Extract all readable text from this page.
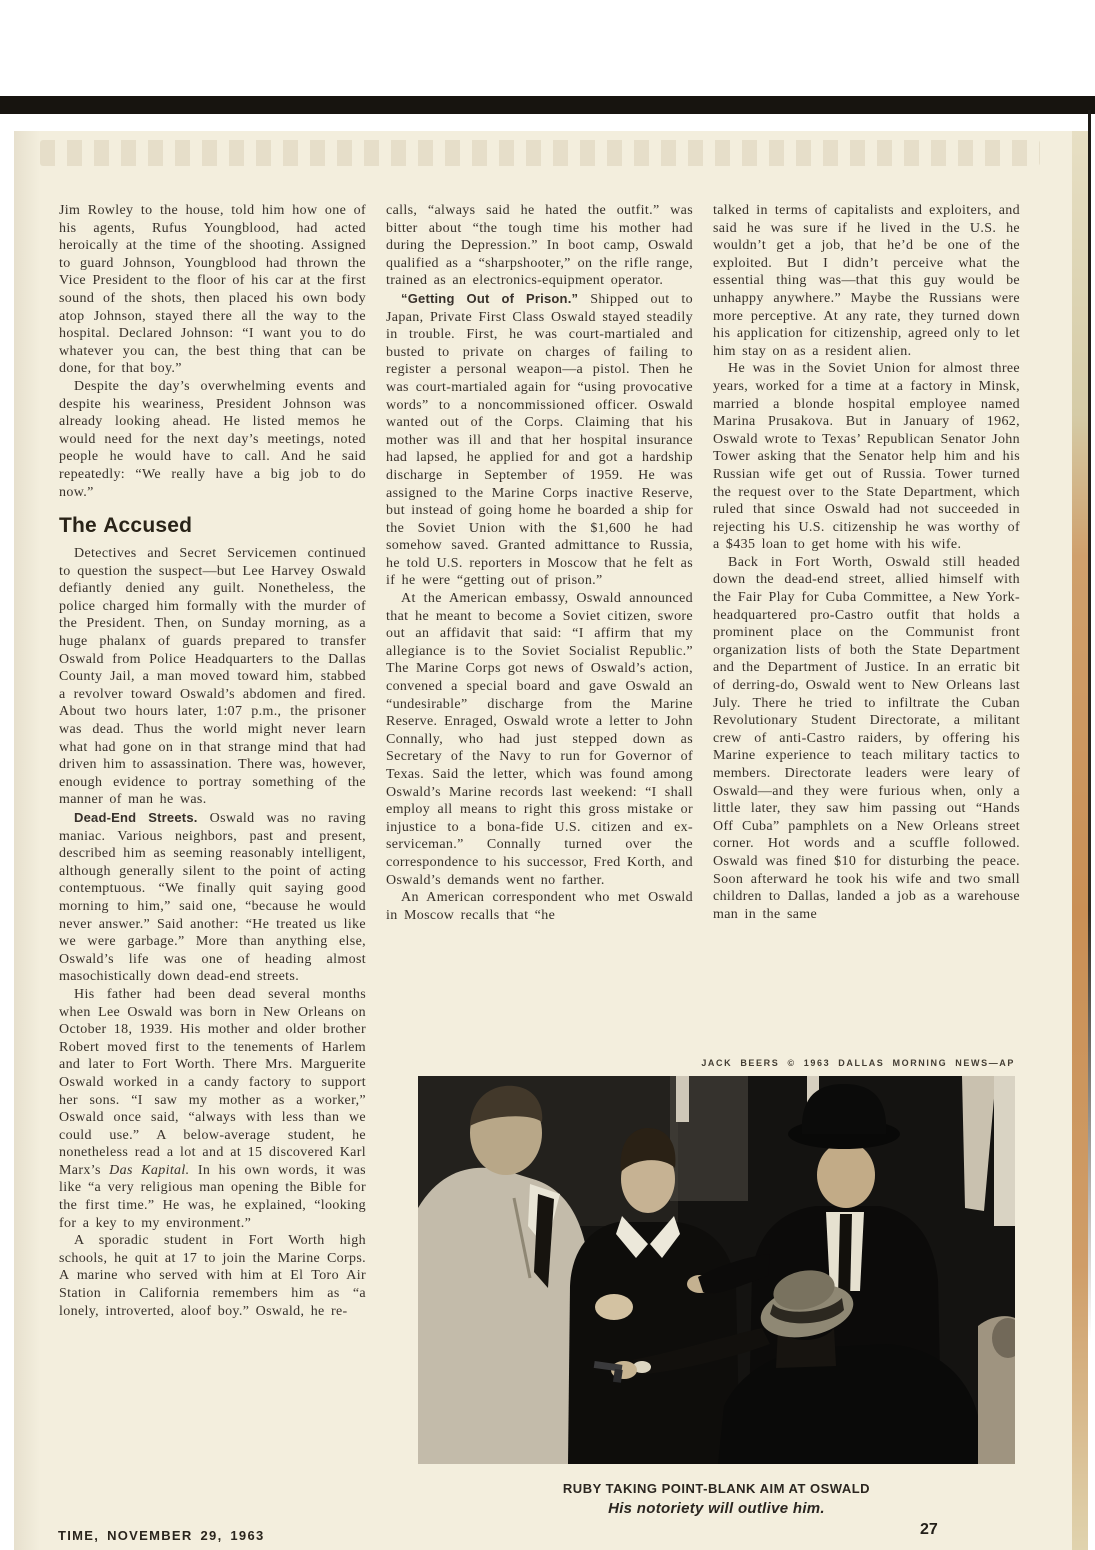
Jim Rowley to the house, told him how one of his agents, Rufus Youngblood, had acted heroically at the time of the shooting. Assigned to guard Johnson, Youngblood had thrown the Vice President to the floor of his car at the first sound of the shots, then placed his own body atop Johnson, stayed there all the way to the hospital. Declared Johnson: “I want you to do whatever you can, the best thing that can be done, for that boy.”

Despite the day’s overwhelming events and despite his weariness, President Johnson was already looking ahead. He listed memos he would need for the next day’s meetings, noted people he would have to call. And he said repeatedly: “We really have a big job to do now.”

The Accused

Detectives and Secret Servicemen continued to question the suspect—but Lee Harvey Oswald defiantly denied any guilt. Nonetheless, the police charged him formally with the murder of the President. Then, on Sunday morning, as a huge phalanx of guards prepared to transfer Oswald from Police Headquarters to the Dallas County Jail, a man moved toward him, stabbed a revolver toward Oswald’s abdomen and fired. About two hours later, 1:07 p.m., the prisoner was dead. Thus the world might never learn what had gone on in that strange mind that had driven him to assassination. There was, however, enough evidence to portray something of the manner of man he was.

Dead-End Streets. Oswald was no raving maniac. Various neighbors, past and present, described him as seeming reasonably intelligent, although generally silent to the point of acting contemptuous. “We finally quit saying good morning to him,” said one, “because he would never answer.” Said another: “He treated us like we were garbage.” More than anything else, Oswald’s life was one of heading almost masochistically down dead-end streets.

His father had been dead several months when Lee Oswald was born in New Orleans on October 18, 1939. His mother and older brother Robert moved first to the tenements of Harlem and later to Fort Worth. There Mrs. Marguerite Oswald worked in a candy factory to support her sons. “I saw my mother as a worker,” Oswald once said, “always with less than we could use.” A below-average student, he nonetheless read a lot and at 15 discovered Karl Marx’s Das Kapital. In his own words, it was like “a very religious man opening the Bible for the first time.” He was, he explained, “looking for a key to my environment.”

A sporadic student in Fort Worth high schools, he quit at 17 to join the Marine Corps. A marine who served with him at El Toro Air Station in California remembers him as “a lonely, introverted, aloof boy.” Oswald, he re-

calls, “always said he hated the outfit.” was bitter about “the tough time his mother had during the Depression.” In boot camp, Oswald qualified as a “sharpshooter,” on the rifle range, trained as an electronics-equipment operator.

“Getting Out of Prison.” Shipped out to Japan, Private First Class Oswald stayed steadily in trouble. First, he was court-martialed and busted to private on charges of failing to register a personal weapon—a pistol. Then he was court-martialed again for “using provocative words” to a noncommissioned officer. Oswald wanted out of the Corps. Claiming that his mother was ill and that her hospital insurance had lapsed, he applied for and got a hardship discharge in September of 1959. He was assigned to the Marine Corps inactive Reserve, but instead of going home he boarded a ship for the Soviet Union with the $1,600 he had somehow saved. Granted admittance to Russia, he told U.S. reporters in Moscow that he felt as if he were “getting out of prison.”

At the American embassy, Oswald announced that he meant to become a Soviet citizen, swore out an affidavit that said: “I affirm that my allegiance is to the Soviet Socialist Republic.” The Marine Corps got news of Oswald’s action, convened a special board and gave Oswald an “undesirable” discharge from the Marine Reserve. Enraged, Oswald wrote a letter to John Connally, who had just stepped down as Secretary of the Navy to run for Governor of Texas. Said the letter, which was found among Oswald’s Marine records last weekend: “I shall employ all means to right this gross mistake or injustice to a bona-fide U.S. citizen and ex-serviceman.” Connally turned over the correspondence to his successor, Fred Korth, and Oswald’s demands went no farther.

An American correspondent who met Oswald in Moscow recalls that “he

talked in terms of capitalists and exploiters, and said he was sure if he lived in the U.S. he wouldn’t get a job, that he’d be one of the exploited. But I didn’t perceive what the essential thing was—that this guy would be unhappy anywhere.” Maybe the Russians were more perceptive. At any rate, they turned down his application for citizenship, agreed only to let him stay on as a resident alien.

He was in the Soviet Union for almost three years, worked for a time at a factory in Minsk, married a blonde hospital employee named Marina Prusakova. But in January of 1962, Oswald wrote to Texas’ Republican Senator John Tower asking that the Senator help him and his Russian wife get out of Russia. Tower turned the request over to the State Department, which ruled that since Oswald had not succeeded in rejecting his U.S. citizenship he was worthy of a $435 loan to get home with his wife.

Back in Fort Worth, Oswald still headed down the dead-end street, allied himself with the Fair Play for Cuba Committee, a New York-headquartered pro-Castro outfit that holds a prominent place on the Communist front organization lists of both the State Department and the Department of Justice. In an erratic bit of derring-do, Oswald went to New Orleans last July. There he tried to infiltrate the Cuban Revolutionary Student Directorate, a militant crew of anti-Castro raiders, by offering his Marine experience to teach military tactics to members. Directorate leaders were leary of Oswald—and they were furious when, only a little later, they saw him passing out “Hands Off Cuba” pamphlets on a New Orleans street corner. Hot words and a scuffle followed. Oswald was fined $10 for disturbing the peace. Soon afterward he took his wife and two small children to Dallas, landed a job as a warehouse man in the same

JACK BEERS © 1963 DALLAS MORNING NEWS—AP
RUBY TAKING POINT-BLANK AIM AT OSWALD
His notoriety will outlive him.
TIME, NOVEMBER 29, 1963	27
